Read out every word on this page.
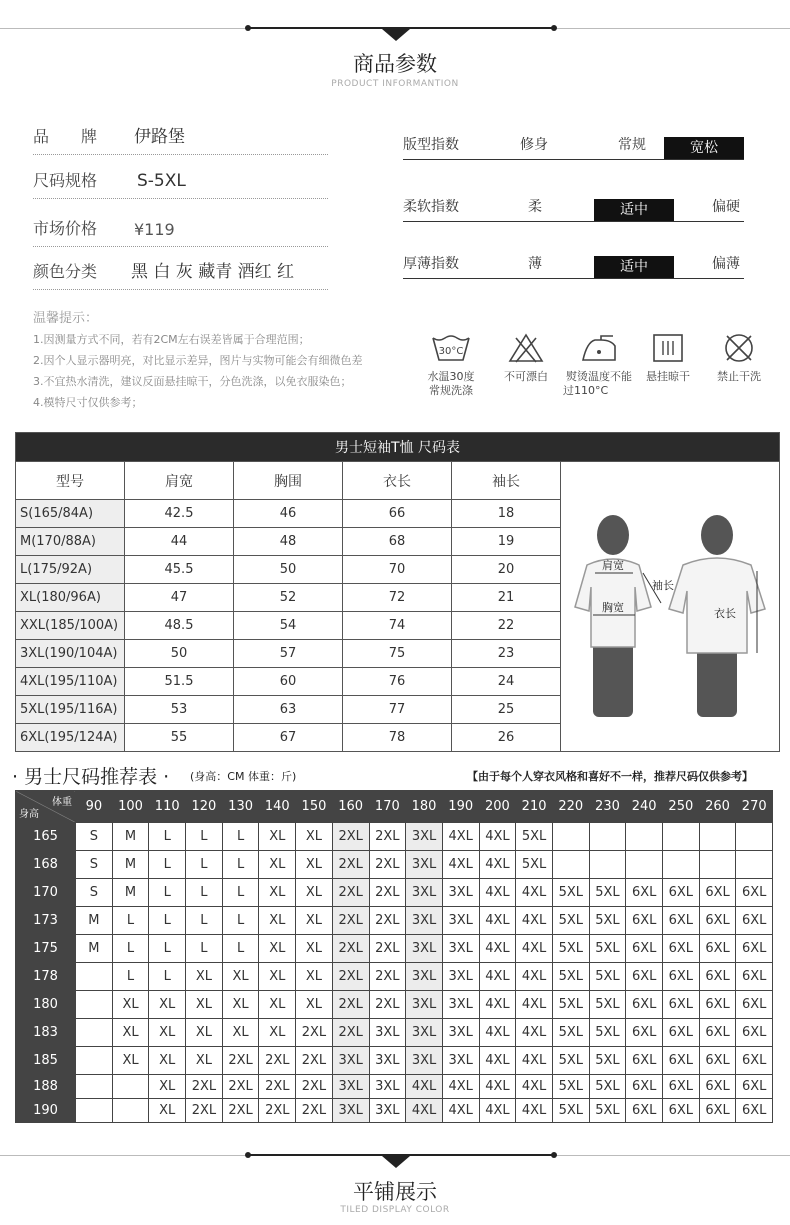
商品参数
PRODUCT INFORMANTION
品　　牌 伊路堡
尺码规格 S-5XL
市场价格 ¥119
颜色分类 黑 白 灰 藏青 酒红 红
版型指数	修身	常规	宽松
柔软指数	柔	适中	偏硬
厚薄指数	薄	适中	偏薄
温馨提示：
1.因测量方式不同，若有2CM左右误差皆属于合理范围；
2.因个人显示器明亮，对比显示差异，图片与实物可能会有细微色差
3.不宜热水清洗，建议反面悬挂晾干，分色洗涤，以免衣服染色；
4.模特尺寸仅供参考；
30°C
水温30度
常规洗涤
不可漂白	熨烫温度不能
过110°C
悬挂晾干	禁止干洗
男士短袖T恤 尺码表					
型号	肩宽	胸围	衣长	袖长	肩宽
胸宽
袖长
衣长

S(165/84A)	42.5	46	66	18	
M(170/88A)	44	48	68	19	
L(175/92A)	45.5	50	70	20	
XL(180/96A)	47	52	72	21	
XXL(185/100A)	48.5	54	74	22	
3XL(190/104A)	50	57	75	23	
4XL(195/110A)	51.5	60	76	24	
5XL(195/116A)	53	63	77	25	
6XL(195/124A)	55	67	78	26	
· 男士尺码推荐表 · (身高：CM 体重：斤)	【由于每个人穿衣风格和喜好不一样，推荐尺码仅供参考】
体重
身高	90	100	110	120	130	140	150	160	170	180	190	200	210	220	230	240	250	260	270
165	S	M	L	L	L	XL	XL	2XL	2XL	3XL	4XL	4XL	5XL						
168	S	M	L	L	L	XL	XL	2XL	2XL	3XL	4XL	4XL	5XL						
170	S	M	L	L	L	XL	XL	2XL	2XL	3XL	3XL	4XL	4XL	5XL	5XL	6XL	6XL	6XL	6XL
173	M	L	L	L	L	XL	XL	2XL	2XL	3XL	3XL	4XL	4XL	5XL	5XL	6XL	6XL	6XL	6XL
175	M	L	L	L	L	XL	XL	2XL	2XL	3XL	3XL	4XL	4XL	5XL	5XL	6XL	6XL	6XL	6XL
178		L	L	XL	XL	XL	XL	2XL	2XL	3XL	3XL	4XL	4XL	5XL	5XL	6XL	6XL	6XL	6XL
180		XL	XL	XL	XL	XL	XL	2XL	2XL	3XL	3XL	4XL	4XL	5XL	5XL	6XL	6XL	6XL	6XL
183		XL	XL	XL	XL	XL	2XL	2XL	3XL	3XL	3XL	4XL	4XL	5XL	5XL	6XL	6XL	6XL	6XL
185		XL	XL	XL	2XL	2XL	2XL	3XL	3XL	3XL	3XL	4XL	4XL	5XL	5XL	6XL	6XL	6XL	6XL
188			XL	2XL	2XL	2XL	2XL	3XL	3XL	4XL	4XL	4XL	4XL	5XL	5XL	6XL	6XL	6XL	6XL
190			XL	2XL	2XL	2XL	2XL	3XL	3XL	4XL	4XL	4XL	4XL	5XL	5XL	6XL	6XL	6XL	6XL
平铺展示
TILED DISPLAY COLOR
